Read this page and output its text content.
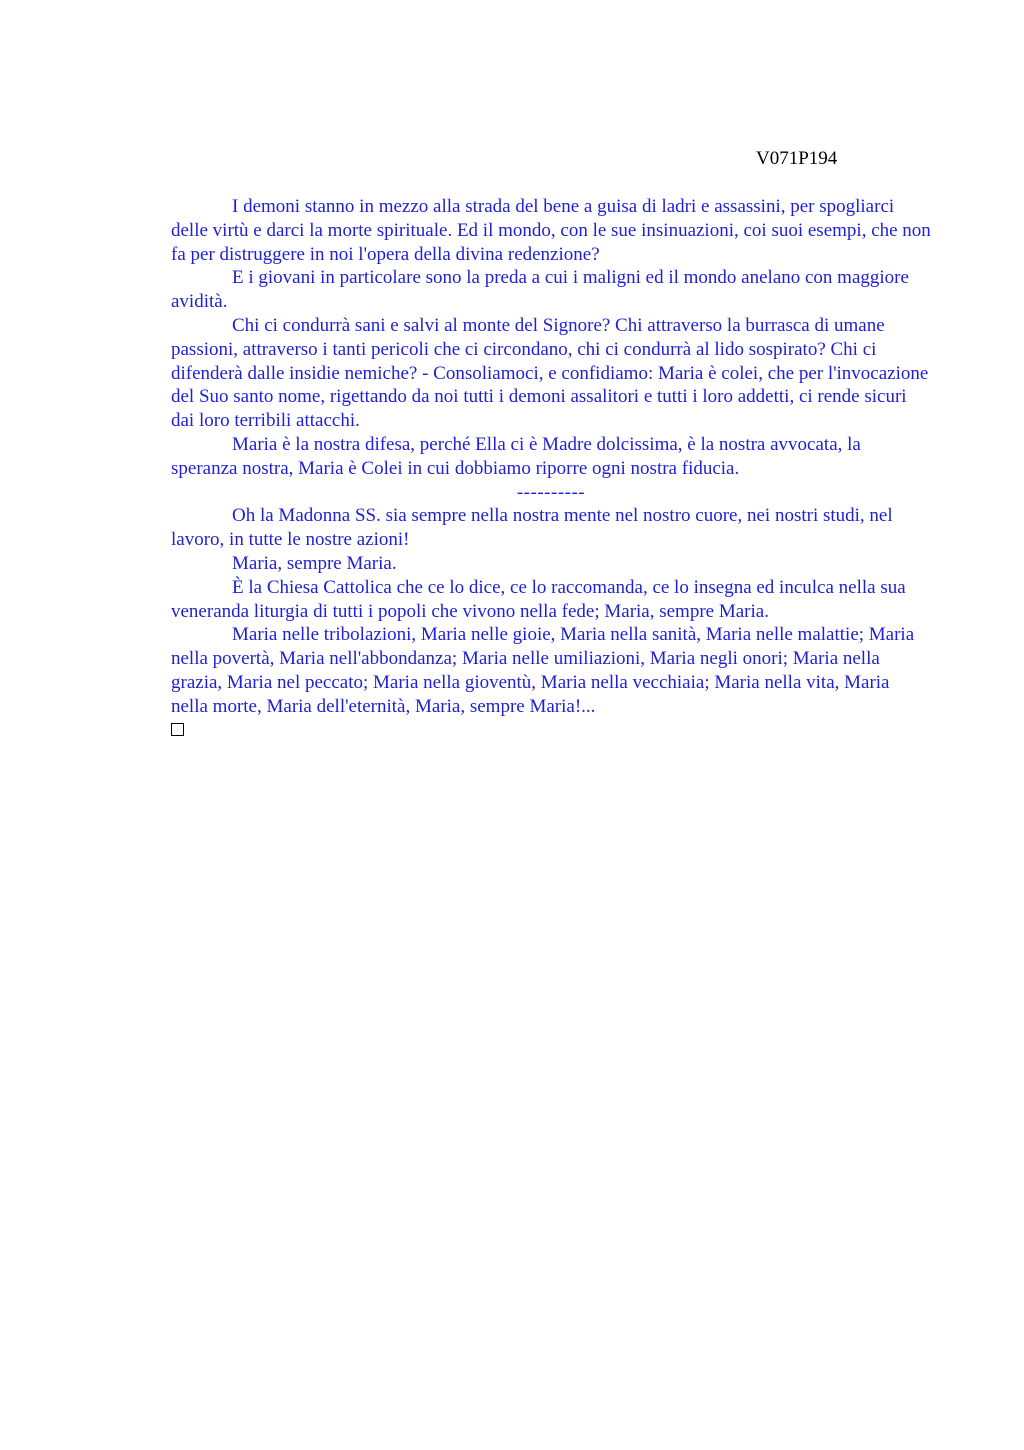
V071P194

I demoni stanno in mezzo alla strada del bene a guisa di ladri e assassini, per spogliarci delle virtù e darci la morte spirituale. Ed il mondo, con le sue insinuazioni, coi suoi esempi, che non fa per distruggere in noi l'opera della divina redenzione?

E i giovani in particolare sono la preda a cui i maligni ed il mondo anelano con maggiore avidità.

Chi ci condurrà sani e salvi al monte del Signore? Chi attraverso la burrasca di umane passioni, attraverso i tanti pericoli che ci circondano, chi ci condurrà al lido sospirato? Chi ci difenderà dalle insidie nemiche? - Consoliamoci, e confidiamo: Maria è colei, che per l'invocazione del Suo santo nome, rigettando da noi tutti i demoni assalitori e tutti i loro addetti, ci rende sicuri dai loro terribili attacchi.

Maria è la nostra difesa, perché Ella ci è Madre dolcissima, è la nostra avvocata, la speranza nostra, Maria è Colei in cui dobbiamo riporre ogni nostra fiducia.

----------

Oh la Madonna SS. sia sempre nella nostra mente nel nostro cuore, nei nostri studi, nel lavoro, in tutte le nostre azioni!

Maria, sempre Maria.

È la Chiesa Cattolica che ce lo dice, ce lo raccomanda, ce lo insegna ed inculca nella sua veneranda liturgia di tutti i popoli che vivono nella fede; Maria, sempre Maria.

Maria nelle tribolazioni, Maria nelle gioie, Maria nella sanità, Maria nelle malattie; Maria nella povertà, Maria nell'abbondanza; Maria nelle umiliazioni, Maria negli onori; Maria nella grazia, Maria nel peccato; Maria nella gioventù, Maria nella vecchiaia; Maria nella vita, Maria nella morte, Maria dell'eternità, Maria, sempre Maria!...
